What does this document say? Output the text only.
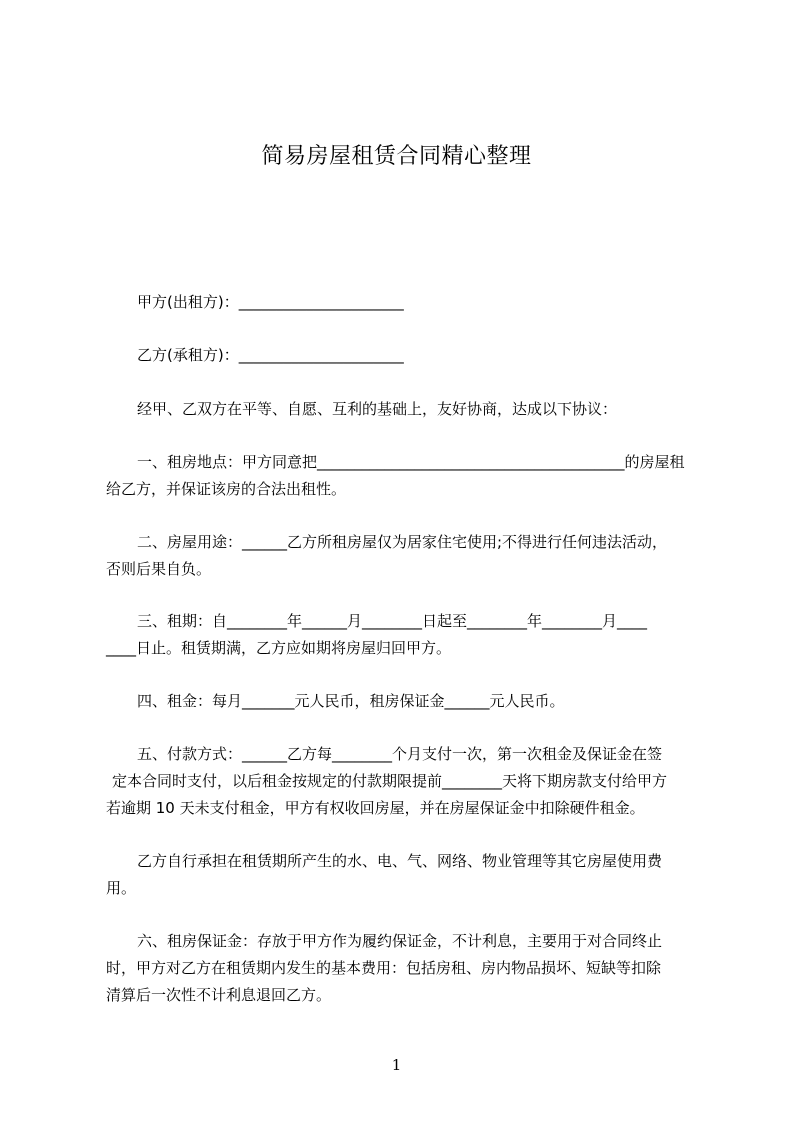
简易房屋租赁合同精心整理

甲方(出租方)：______________________

乙方(承租方)：______________________

经甲、乙双方在平等、自愿、互利的基础上，友好协商，达成以下协议：

一、租房地点：甲方同意把_________________________________________的房屋租

给乙方，并保证该房的合法出租性。

二、房屋用途：______乙方所租房屋仅为居家住宅使用;不得进行任何违法活动，

否则后果自负。

三、租期：自________年______月________日起至________年________月____

____日止。租赁期满，乙方应如期将房屋归回甲方。

四、租金：每月_______元人民币，租房保证金______元人民币。

五、付款方式：______乙方每________个月支付一次，第一次租金及保证金在签

定本合同时支付，以后租金按规定的付款期限提前________天将下期房款支付给甲方

若逾期 10 天未支付租金，甲方有权收回房屋，并在房屋保证金中扣除硬件租金。

乙方自行承担在租赁期所产生的水、电、气、网络、物业管理等其它房屋使用费

用。

六、租房保证金：存放于甲方作为履约保证金，不计利息，主要用于对合同终止

时，甲方对乙方在租赁期内发生的基本费用：包括房租、房内物品损坏、短缺等扣除

清算后一次性不计利息退回乙方。

1
